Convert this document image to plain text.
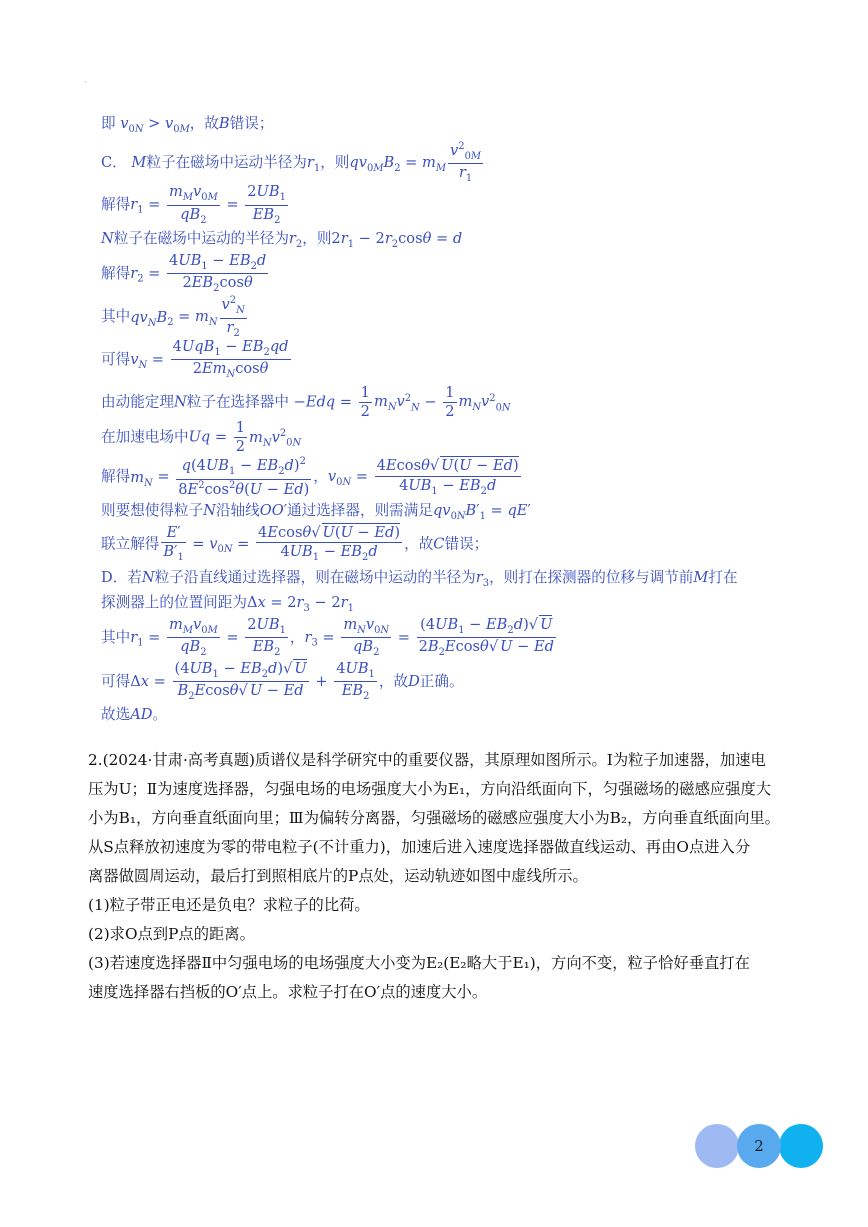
·
即 $v_{0N} > v_{0M}$，故B错误；
C． M粒子在磁场中运动半径为$r_1$，则$qv_{0M}B_2 = m_M \frac{v^2_{0M}}{r_1}$
解得$r_1 = \frac{m_Mv_{0M}}{qB_2} = \frac{2UB_1}{EB_2}$
N粒子在磁场中运动的半径为$r_2$，则$2r_1 - 2r_2\cos\theta = d$
解得$r_2 = \frac{4UB_1 - EB_2d}{2EB_2\cos\theta}$
其中$qv_NB_2 = m_N \frac{v^2_N}{r_2}$
可得$v_N = \frac{4UqB_1 - EB_2qd}{2Em_N\cos\theta}$
由动能定理N粒子在选择器中 $-Edq = \frac{1}{2} m_Nv^2_N - \frac{1}{2} m_Nv^2_{0N}$
在加速电场中$Uq = \frac{1}{2} m_Nv^2_{0N}$
解得$m_N = \frac{q(4UB_1 - EB_2d)^2}{8E^2\cos^2\theta(U - Ed)}$ ，$v_{0N} = \frac{4Ecos\theta√ U(U - Ed)}{4UB_1 - EB_2d}$
则要想使得粒子N沿轴线OO′通过选择器，则需满足$qv_{0N}B'_1 = qE'$
联立解得 $\frac{E'}{B'_1} = v_{0N} = \frac{4Ecos\theta√ U(U - Ed)}{4UB_1 - EB_2d}$ ，故C错误；
D．若N粒子沿直线通过选择器，则在磁场中运动的半径为$r_3$，则打在探测器的位移与调节前M打在
探测器上的位置间距为$\Delta x = 2r_3 - 2r_1$
其中$r_1 = \frac{m_Mv_{0M}}{qB_2} = \frac{2UB_1}{EB_2}$ ，$r_3 = \frac{m_Nv_{0N}}{qB_2} = \frac{(4UB_1 - EB_2d)√ U}{2B_2Ecos\theta√ U - Ed}$
可得$\Delta x = \frac{(4UB_1 - EB_2d)√ U}{B_2Ecos\theta√ U - Ed} + \frac{4UB_1}{EB_2}$ ，故D正确。
故选AD。

2.(2024·甘肃·高考真题)质谱仪是科学研究中的重要仪器，其原理如图所示。Ⅰ为粒子加速器，加速电

压为U；Ⅱ为速度选择器，匀强电场的电场强度大小为E₁，方向沿纸面向下，匀强磁场的磁感应强度大

小为B₁，方向垂直纸面向里；Ⅲ为偏转分离器，匀强磁场的磁感应强度大小为B₂，方向垂直纸面向里。

从S点释放初速度为零的带电粒子(不计重力)，加速后进入速度选择器做直线运动、再由O点进入分

离器做圆周运动，最后打到照相底片的P点处，运动轨迹如图中虚线所示。

(1)粒子带正电还是负电？求粒子的比荷。

(2)求O点到P点的距离。

(3)若速度选择器Ⅱ中匀强电场的电场强度大小变为E₂(E₂略大于E₁)，方向不变，粒子恰好垂直打在

速度选择器右挡板的O′点上。求粒子打在O′点的速度大小。

2
